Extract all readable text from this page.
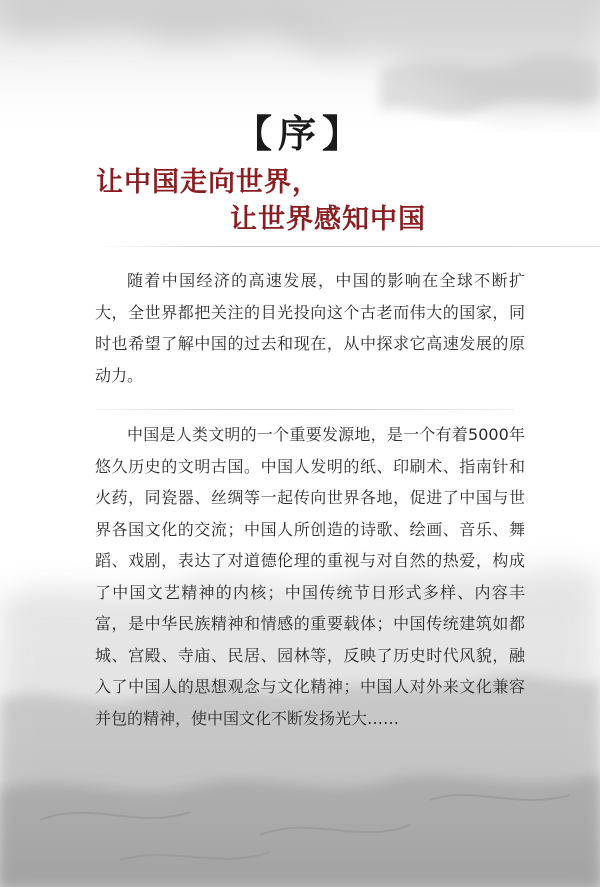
【序】
让中国走向世界，
让世界感知中国

随着中国经济的高速发展，中国的影响在全球不断扩大，全世界都把关注的目光投向这个古老而伟大的国家，同时也希望了解中国的过去和现在，从中探求它高速发展的原动力。

中国是人类文明的一个重要发源地，是一个有着5000年悠久历史的文明古国。中国人发明的纸、印刷术、指南针和火药，同瓷器、丝绸等一起传向世界各地，促进了中国与世界各国文化的交流；中国人所创造的诗歌、绘画、音乐、舞蹈、戏剧，表达了对道德伦理的重视与对自然的热爱，构成了中国文艺精神的内核；中国传统节日形式多样、内容丰富，是中华民族精神和情感的重要载体；中国传统建筑如都城、宫殿、寺庙、民居、园林等，反映了历史时代风貌，融入了中国人的思想观念与文化精神；中国人对外来文化兼容并包的精神，使中国文化不断发扬光大……
